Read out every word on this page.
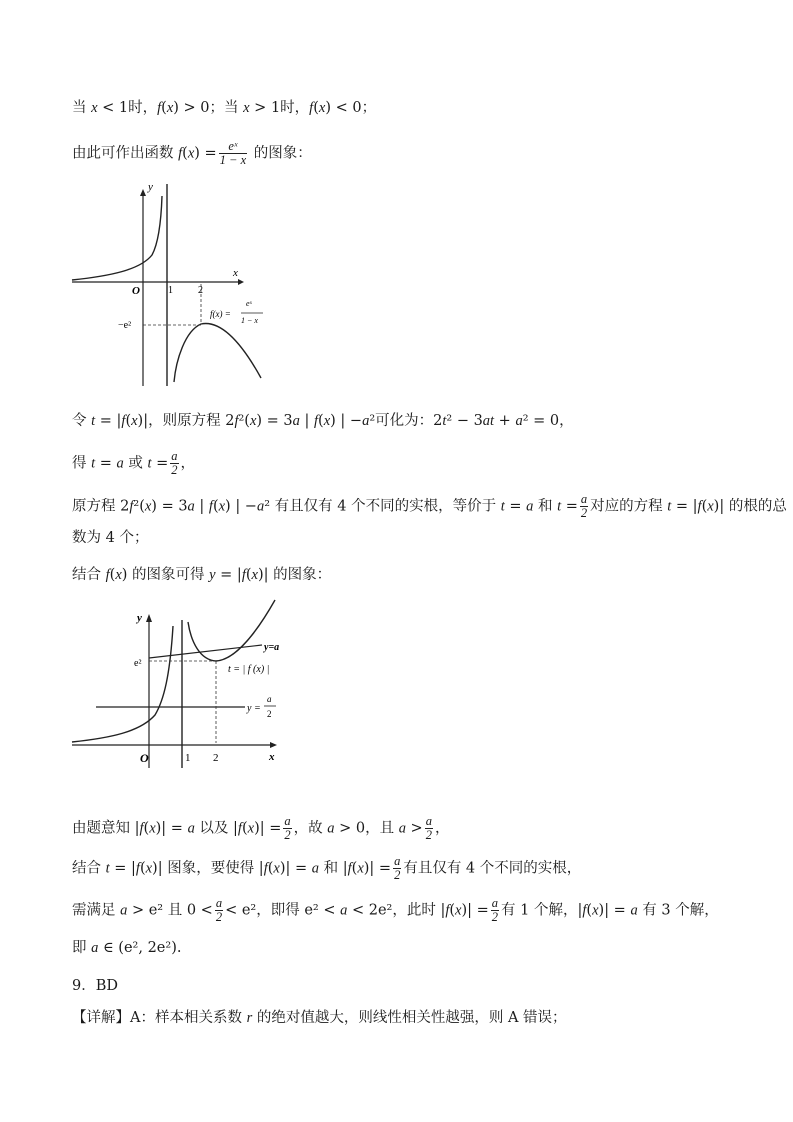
当 x < 1时，f(x) > 0；当 x > 1时，f(x) < 0；
由此可作出函数 $f(x) = \frac{\text{eˣ}}{1 - x}$ 的图象：
y
x
O	1	2
−e²
f(x) =
eˣ
1 − x
令 t = |f(x)|，则原方程 2f²(x) = 3a | f(x) | −a²可化为：2t² − 3at + a² = 0，
得 t = a 或 $t = \frac{a}{2}$ ，
原方程 2f²(x) = 3a | f(x) | −a² 有且仅有 4 个不同的实根，等价于 t = a 和 $t = \frac{a}{2}$ 对应的方程 t = |f(x)| 的根的总
数为 4 个；
结合 f(x) 的图象可得 y = |f(x)| 的图象：
y
x
O	1 2
e²
y=a
t = | f (x) |
y =
a
2
由题意知 |f(x)| = a 以及 $|f(x)| = \frac{a}{2}$ ，故 a > 0，且 $a > \frac{a}{2}$ ，
结合 t = |f(x)| 图象，要使得 |f(x)| = a 和 $|f(x)| = \frac{a}{2}$ 有且仅有 4 个不同的实根，
需满足 a > e² 且 $0 < \frac{a}{2} < e^2$，即得 e² < a < 2e²，此时 $|f(x)| = \frac{a}{2}$ 有 1 个解，|f(x)| = a 有 3 个解，
即 a ∈ (e², 2e²).
9．BD
【详解】A：样本相关系数 r 的绝对值越大，则线性相关性越强，则 A 错误；
